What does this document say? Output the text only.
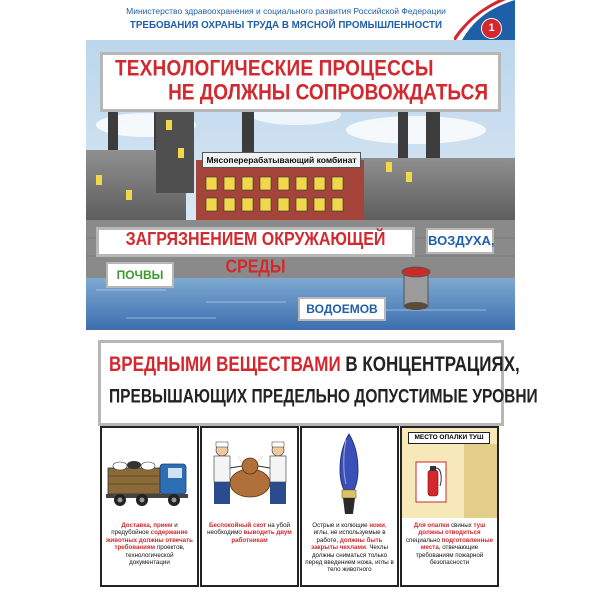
Министерство здравоохранения и социального развития Российской Федерации
ТРЕБОВАНИЯ ОХРАНЫ ТРУДА В МЯСНОЙ ПРОМЫШЛЕННОСТИ	1
ТЕХНОЛОГИЧЕСКИЕ ПРОЦЕССЫ
НЕ ДОЛЖНЫ СОПРОВОЖДАТЬСЯ
Мясоперерабатывающий комбинат
ЗАГРЯЗНЕНИЕМ ОКРУЖАЮЩЕЙ СРЕДЫ
ВОЗДУХА,
ПОЧВЫ
ВОДОЕМОВ
ВРЕДНЫМИ ВЕЩЕСТВАМИ В КОНЦЕНТРАЦИЯХ,
ПРЕВЫШАЮЩИХ ПРЕДЕЛЬНО ДОПУСТИМЫЕ УРОВНИ
Доставка, прием и предубойное содержание животных должны отвечать требованиям проектов, технологической документации
Беспокойный скот на убой необходимо выводить двум работникам
Острые и колющие ножи, иглы, не используемые в работе, должны быть закрыты чехлами. Чехлы должны сниматься только перед введением ножа, иглы в тело животного
МЕСТО ОПАЛКИ ТУШ
Для опалки свиных туш должны отводиться специально подготовленные места, отвечающие требованиям пожарной безопасности
